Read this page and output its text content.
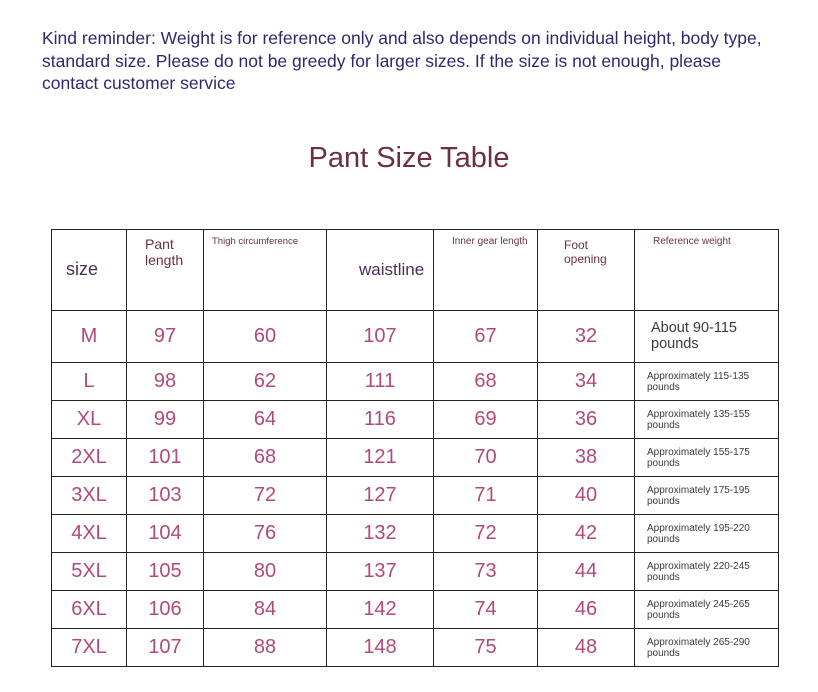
Kind reminder: Weight is for reference only and also depends on individual height, body type, standard size. Please do not be greedy for larger sizes. If the size is not enough, please contact customer service
Pant Size Table
size	Pant length	Thigh circumference	waistline	Inner gear length	Foot opening	Reference weight
M	97	60	107	67	32	About 90-115 pounds
L	98	62	111	68	34	Approximately 115-135 pounds
XL	99	64	116	69	36	Approximately 135-155 pounds
2XL	101	68	121	70	38	Approximately 155-175 pounds
3XL	103	72	127	71	40	Approximately 175-195 pounds
4XL	104	76	132	72	42	Approximately 195-220 pounds
5XL	105	80	137	73	44	Approximately 220-245 pounds
6XL	106	84	142	74	46	Approximately 245-265 pounds
7XL	107	88	148	75	48	Approximately 265-290 pounds
